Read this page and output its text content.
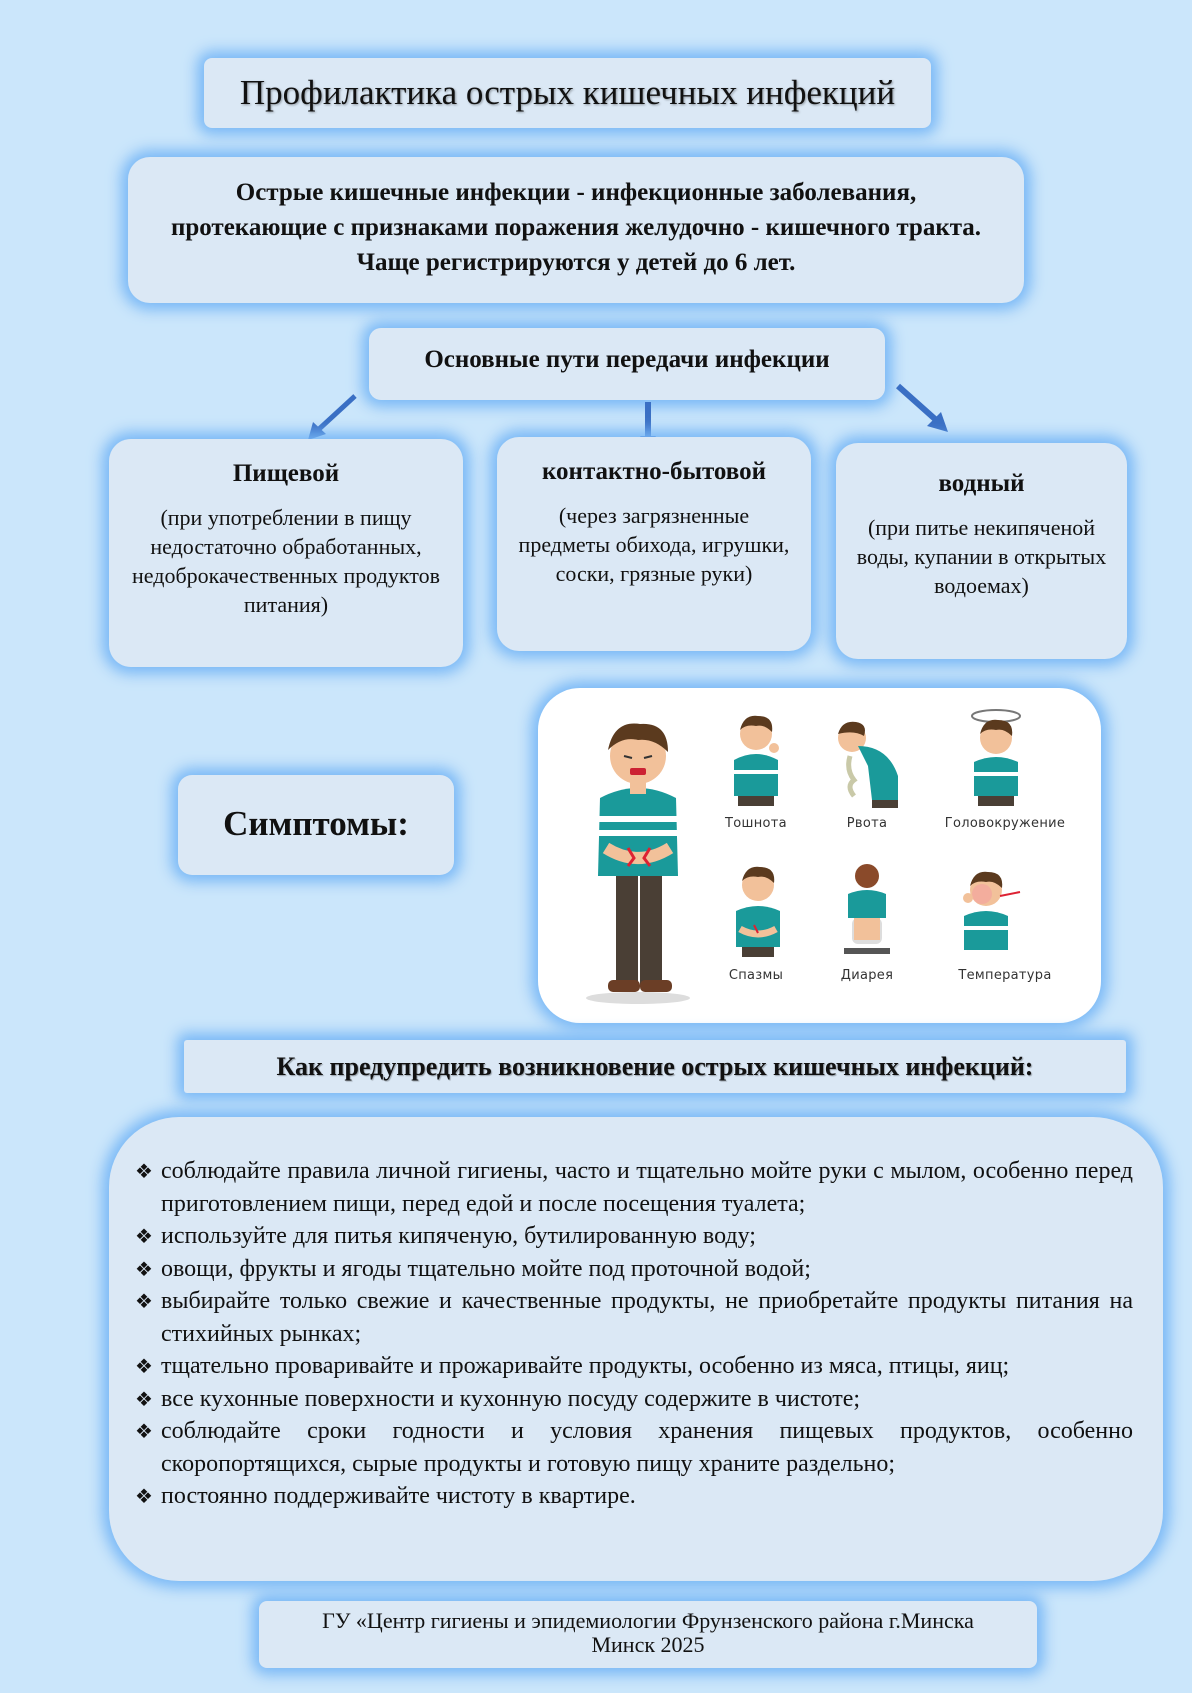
Профилактика острых кишечных инфекций

Острые кишечные инфекции - инфекционные заболевания, протекающие с признаками поражения желудочно - кишечного тракта. Чаще регистрируются у детей до 6 лет.

Основные пути передачи инфекции
Пищевой

(при употреблении в пищу недостаточно обработанных, недоброкачественных продуктов питания)

контактно-бытовой

(через загрязненные предметы обихода, игрушки, соски, грязные руки)

водный

(при питье некипяченой воды, купании в открытых водоемах)

Симптомы:	Тошнота	Рвота	Головокружение
Спазмы	Диарея	Температура
Как предупредить возникновение острых кишечных инфекций:
❖ соблюдайте правила личной гигиены, часто и тщательно мойте руки с мылом, особенно перед приготовлением пищи, перед едой и после посещения туалета;
❖ используйте для питья кипяченую, бутилированную воду;
❖ овощи, фрукты и ягоды тщательно мойте под проточной водой;
❖ выбирайте только свежие и качественные продукты, не приобретайте продукты питания на стихийных рынках;
❖ тщательно проваривайте и прожаривайте продукты, особенно из мяса, птицы, яиц;
❖ все кухонные поверхности и кухонную посуду содержите в чистоте;
❖ соблюдайте сроки годности и условия хранения пищевых продуктов, особенно скоропортящихся, сырые продукты и готовую пищу храните раздельно;
❖ постоянно поддерживайте чистоту в квартире.

ГУ «Центр гигиены и эпидемиологии Фрунзенского района г.Минска

Минск 2025
